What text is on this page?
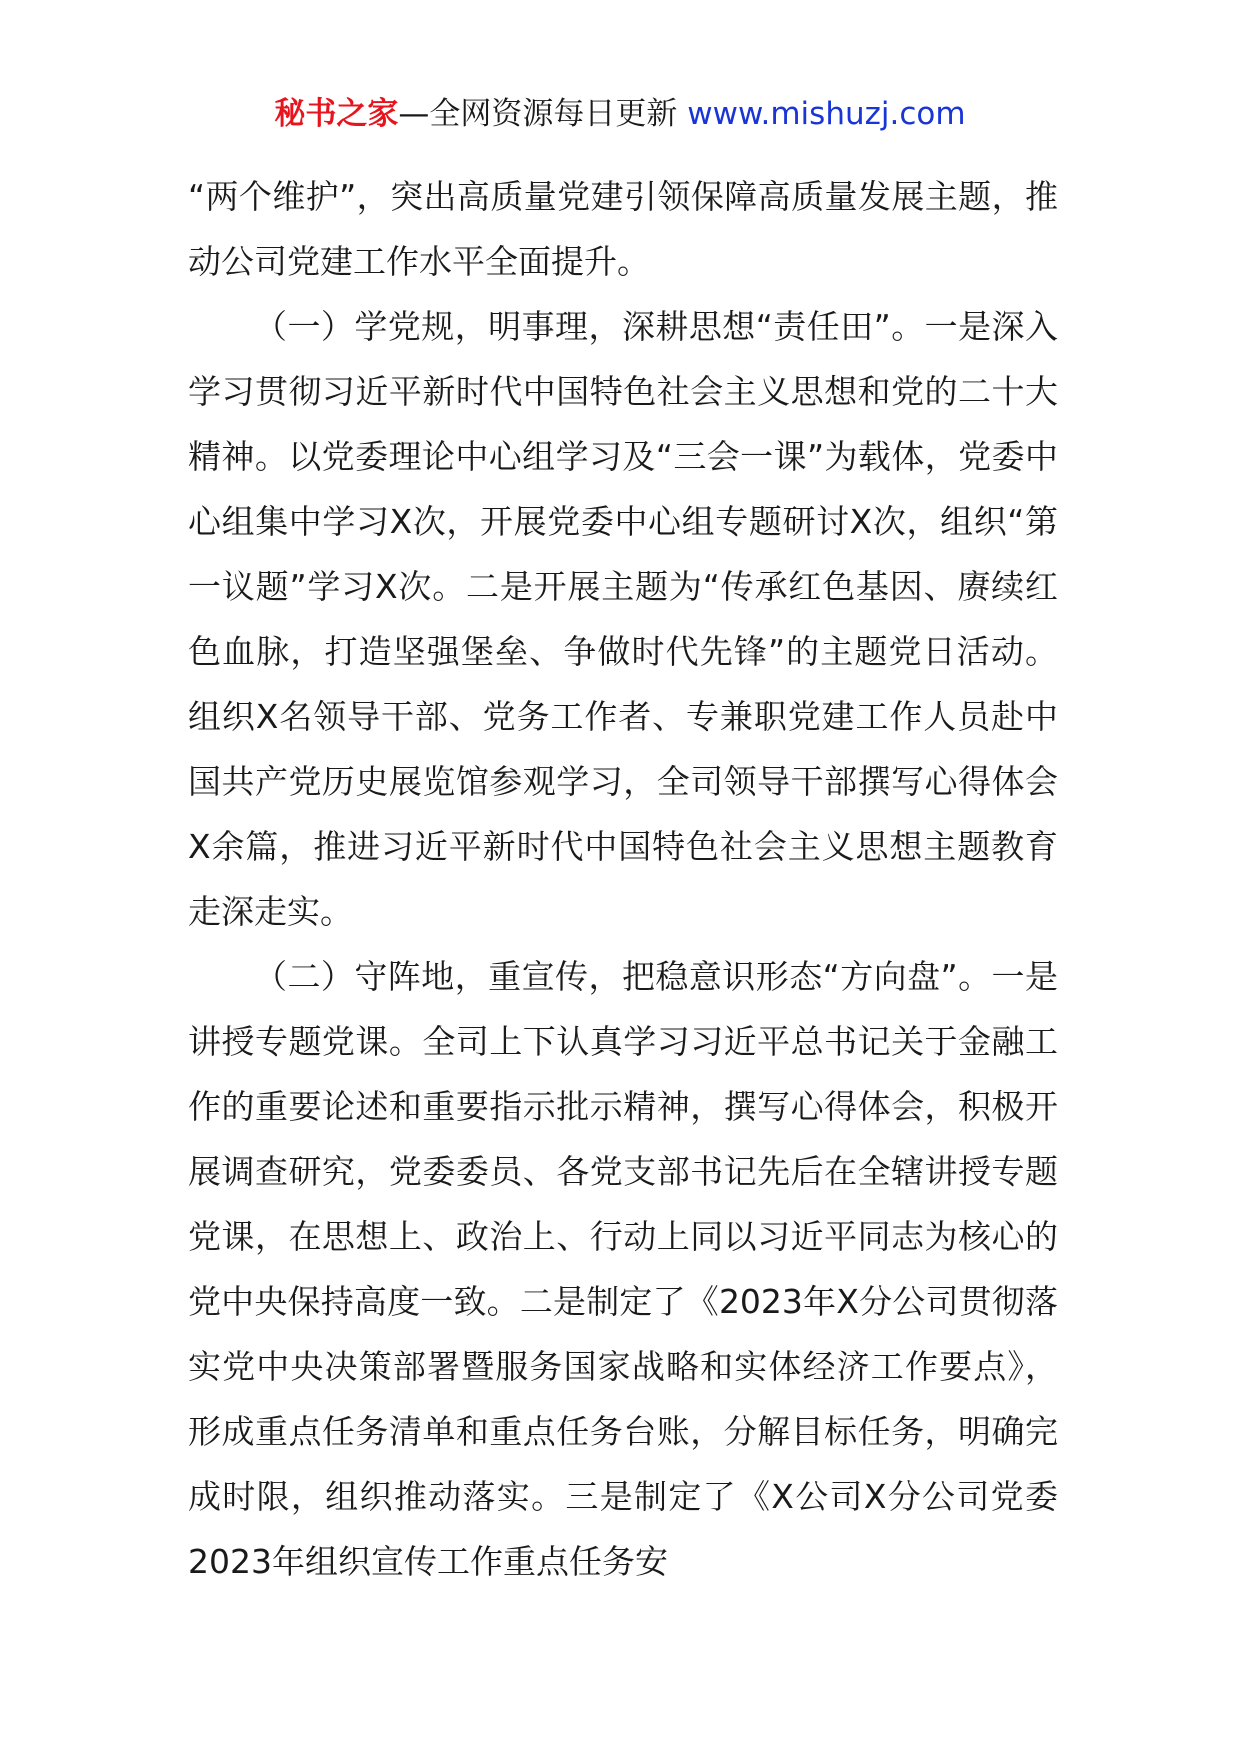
秘书之家—全网资源每日更新 www.mishuzj.com

“两个维护”，突出高质量党建引领保障高质量发展主题，推动公司党建工作水平全面提升。

（一）学党规，明事理，深耕思想“责任田”。一是深入学习贯彻习近平新时代中国特色社会主义思想和党的二十大精神。以党委理论中心组学习及“三会一课”为载体，党委中心组集中学习X次，开展党委中心组专题研讨X次，组织“第一议题”学习X次。二是开展主题为“传承红色基因、赓续红色血脉，打造坚强堡垒、争做时代先锋”的主题党日活动。组织X名领导干部、党务工作者、专兼职党建工作人员赴中国共产党历史展览馆参观学习，全司领导干部撰写心得体会X余篇，推进习近平新时代中国特色社会主义思想主题教育走深走实。

（二）守阵地，重宣传，把稳意识形态“方向盘”。一是讲授专题党课。全司上下认真学习习近平总书记关于金融工作的重要论述和重要指示批示精神，撰写心得体会，积极开展调查研究，党委委员、各党支部书记先后在全辖讲授专题党课，在思想上、政治上、行动上同以习近平同志为核心的党中央保持高度一致。二是制定了《2023年X分公司贯彻落实党中央决策部署暨服务国家战略和实体经济工作要点》，形成重点任务清单和重点任务台账，分解目标任务，明确完成时限，组织推动落实。三是制定了《X公司X分公司党委2023年组织宣传工作重点任务安
